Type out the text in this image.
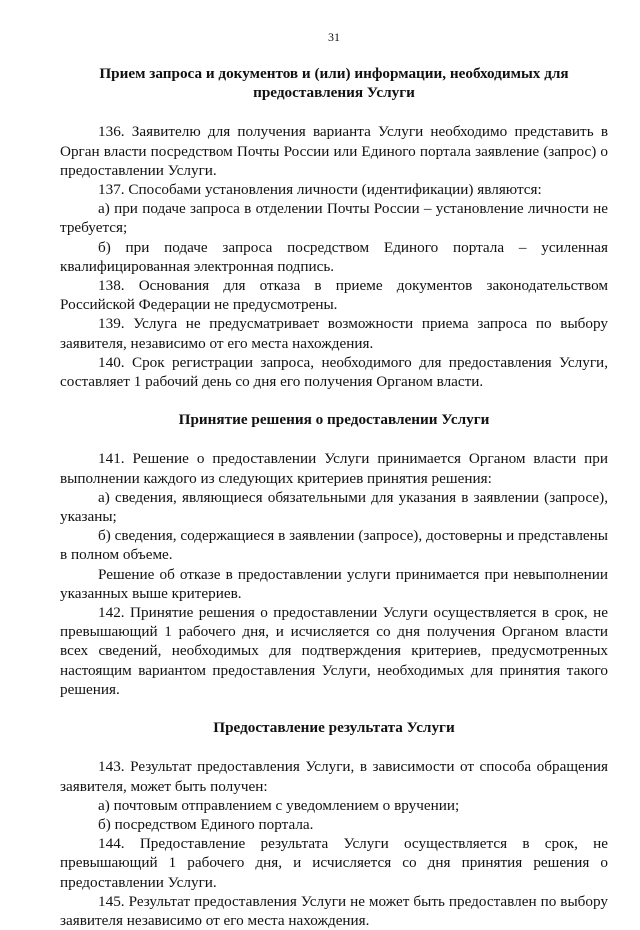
31
Прием запроса и документов и (или) информации, необходимых для предоставления Услуги

136. Заявителю для получения варианта Услуги необходимо представить в Орган власти посредством Почты России или Единого портала заявление (запрос) о предоставлении Услуги.

137. Способами установления личности (идентификации) являются:

а) при подаче запроса в отделении Почты России – установление личности не требуется;

б) при подаче запроса посредством Единого портала – усиленная квалифицированная электронная подпись.

138. Основания для отказа в приеме документов законодательством Российской Федерации не предусмотрены.

139. Услуга не предусматривает возможности приема запроса по выбору заявителя, независимо от его места нахождения.

140. Срок регистрации запроса, необходимого для предоставления Услуги, составляет 1 рабочий день со дня его получения Органом власти.

Принятие решения о предоставлении Услуги

141. Решение о предоставлении Услуги принимается Органом власти при выполнении каждого из следующих критериев принятия решения:

а) сведения, являющиеся обязательными для указания в заявлении (запросе), указаны;

б) сведения, содержащиеся в заявлении (запросе), достоверны и представлены в полном объеме.

Решение об отказе в предоставлении услуги принимается при невыполнении указанных выше критериев.

142. Принятие решения о предоставлении Услуги осуществляется в срок, не превышающий 1 рабочего дня, и исчисляется со дня получения Органом власти всех сведений, необходимых для подтверждения критериев, предусмотренных настоящим вариантом предоставления Услуги, необходимых для принятия такого решения.

Предоставление результата Услуги

143. Результат предоставления Услуги, в зависимости от способа обращения заявителя, может быть получен:

а) почтовым отправлением с уведомлением о вручении;

б) посредством Единого портала.

144. Предоставление результата Услуги осуществляется в срок, не превышающий 1 рабочего дня, и исчисляется со дня принятия решения о предоставлении Услуги.

145. Результат предоставления Услуги не может быть предоставлен по выбору заявителя независимо от его места нахождения.
